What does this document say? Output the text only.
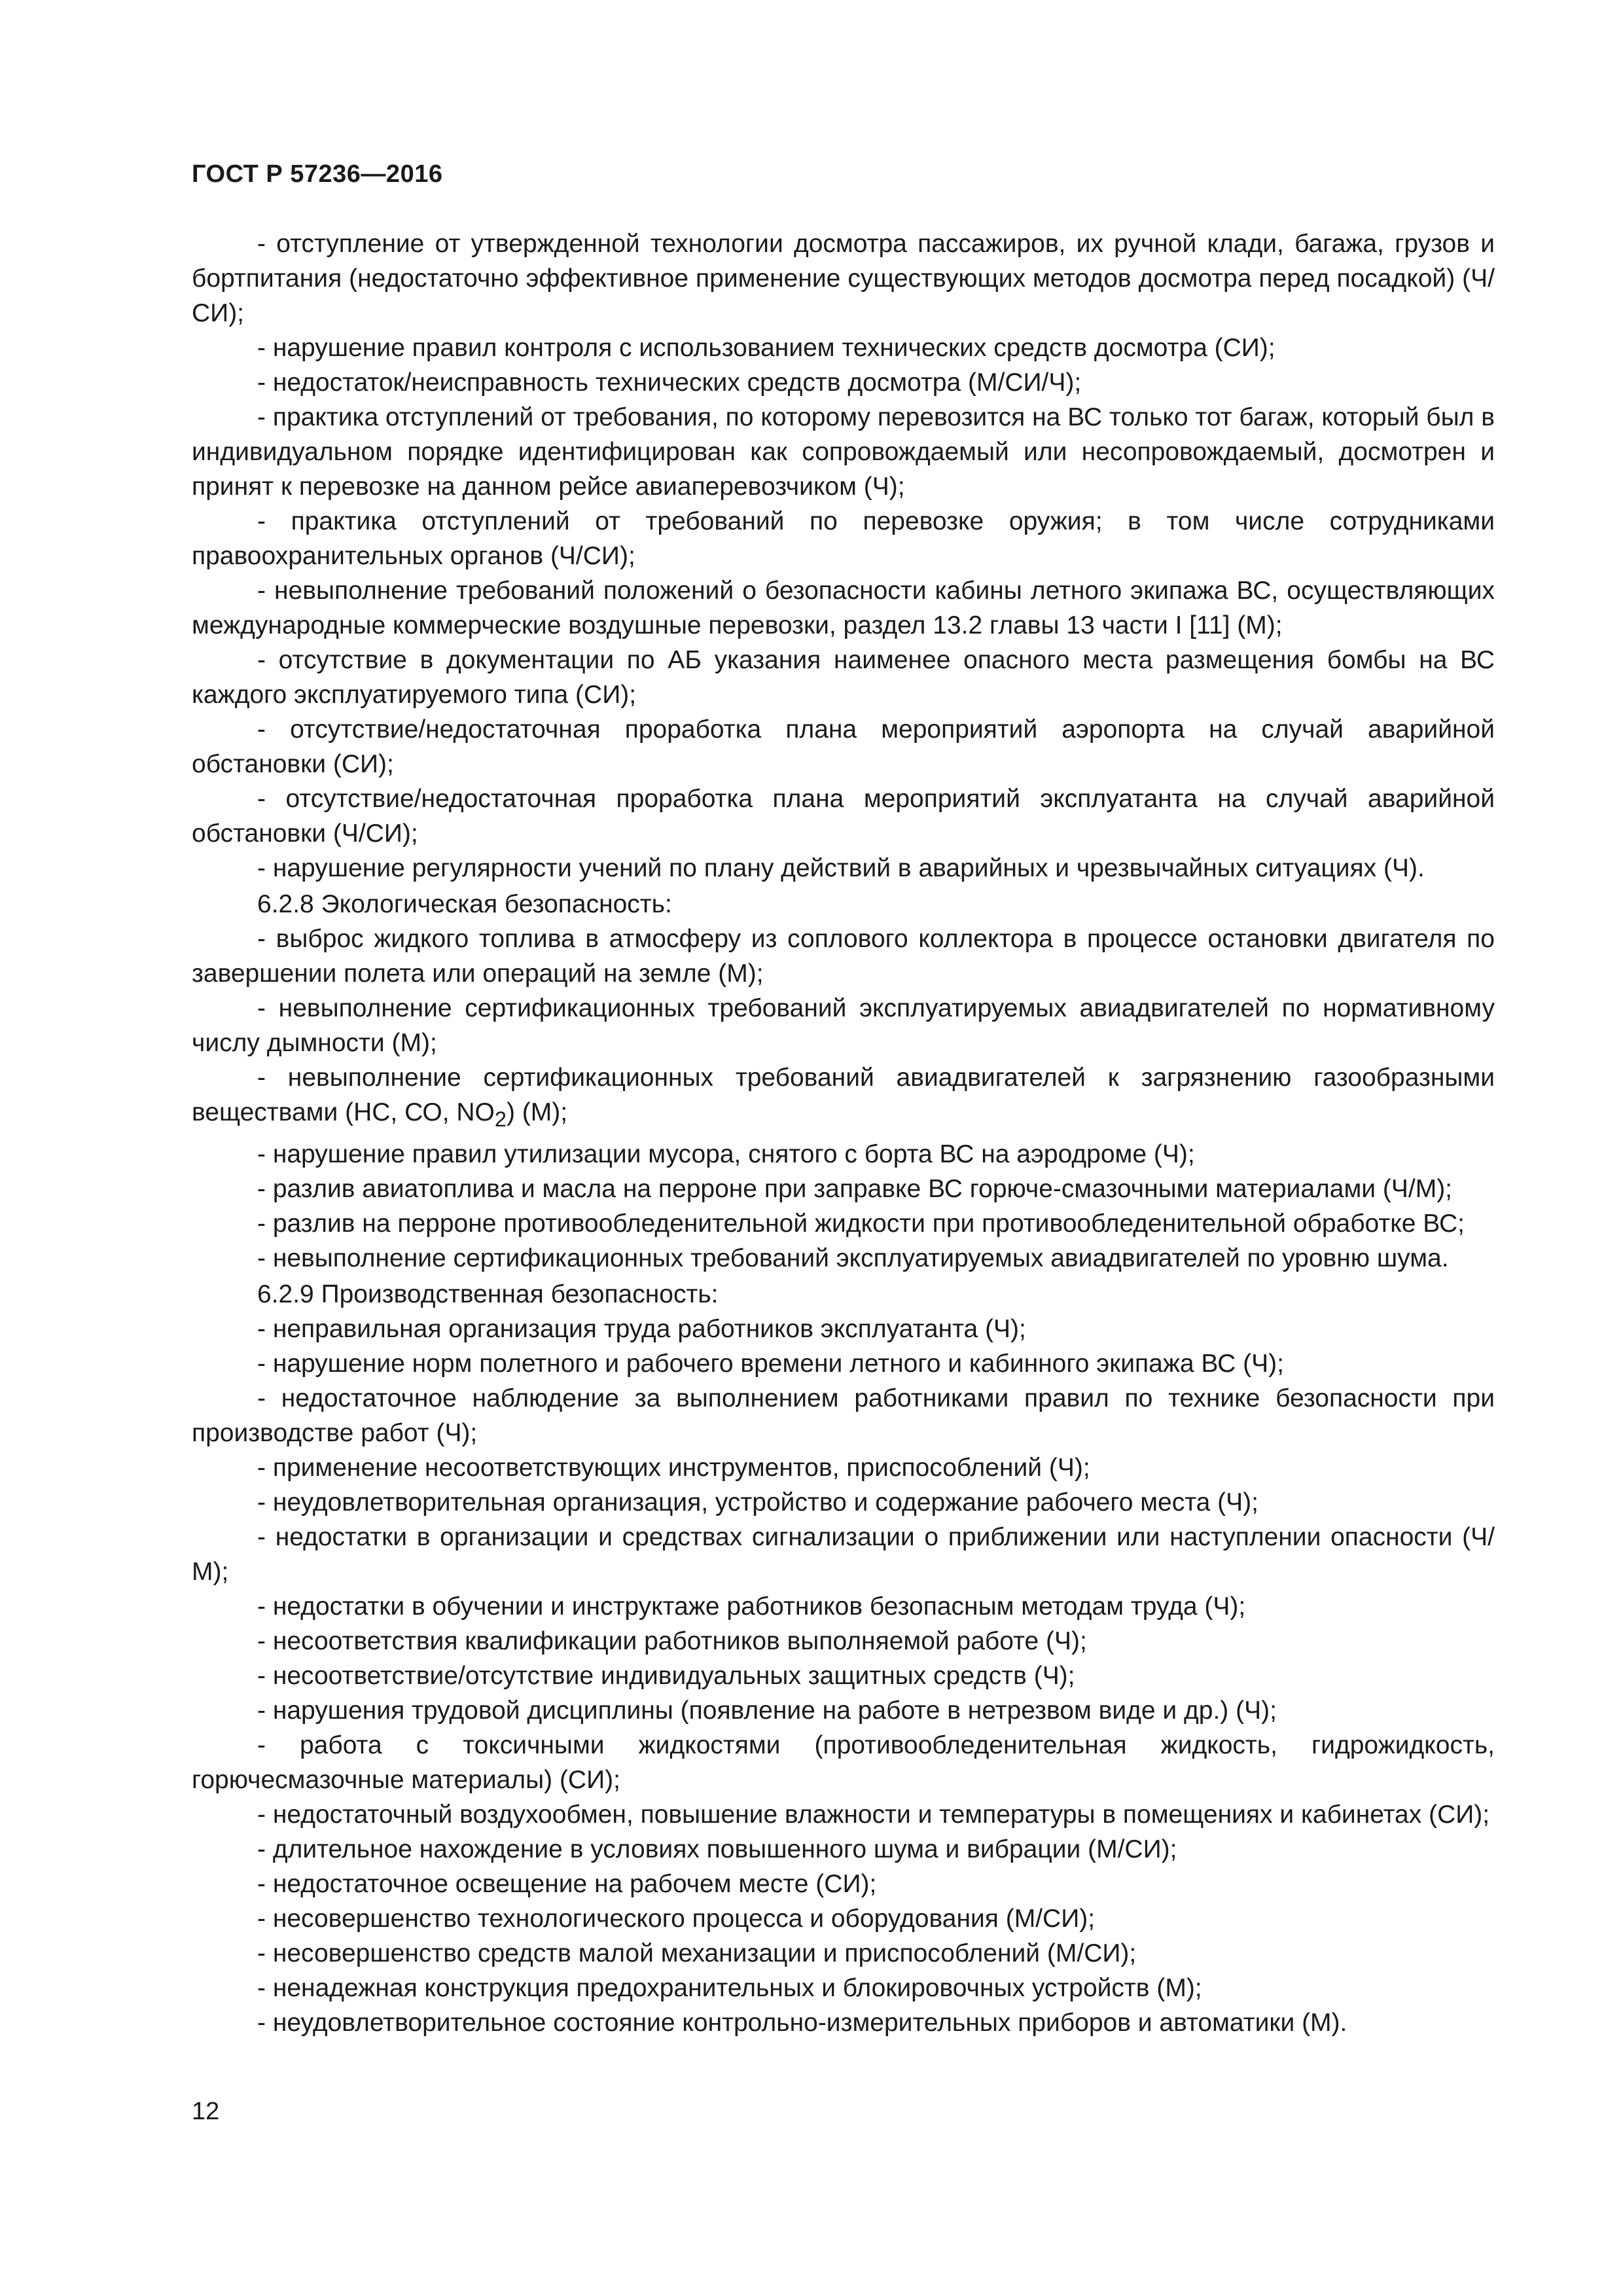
ГОСТ Р 57236—2016

- отступление от утвержденной технологии досмотра пассажиров, их ручной клади, багажа, грузов и бортпитания (недостаточно эффективное применение существующих методов досмотра перед посадкой) (Ч/СИ);

- нарушение правил контроля с использованием технических средств досмотра (СИ);

- недостаток/неисправность технических средств досмотра (М/СИ/Ч);

- практика отступлений от требования, по которому перевозится на ВС только тот багаж, который был в индивидуальном порядке идентифицирован как сопровождаемый или несопровождаемый, досмотрен и принят к перевозке на данном рейсе авиаперевозчиком (Ч);

- практика отступлений от требований по перевозке оружия; в том числе сотрудниками правоохранительных органов (Ч/СИ);

- невыполнение требований положений о безопасности кабины летного экипажа ВС, осуществляющих международные коммерческие воздушные перевозки, раздел 13.2 главы 13 части I [11] (М);

- отсутствие в документации по АБ указания наименее опасного места размещения бомбы на ВС каждого эксплуатируемого типа (СИ);

- отсутствие/недостаточная проработка плана мероприятий аэропорта на случай аварийной обстановки (СИ);

- отсутствие/недостаточная проработка плана мероприятий эксплуатанта на случай аварийной обстановки (Ч/СИ);

- нарушение регулярности учений по плану действий в аварийных и чрезвычайных ситуациях (Ч).

6.2.8 Экологическая безопасность:

- выброс жидкого топлива в атмосферу из соплового коллектора в процессе остановки двигателя по завершении полета или операций на земле (М);

- невыполнение сертификационных требований эксплуатируемых авиадвигателей по нормативному числу дымности (М);

- невыполнение сертификационных требований авиадвигателей к загрязнению газообразными веществами (НС, СО, $NO_2$) (М);

- нарушение правил утилизации мусора, снятого с борта ВС на аэродроме (Ч);

- разлив авиатоплива и масла на перроне при заправке ВС горюче-смазочными материалами (Ч/М);

- разлив на перроне противообледенительной жидкости при противообледенительной обработке ВС;

- невыполнение сертификационных требований эксплуатируемых авиадвигателей по уровню шума.

6.2.9 Производственная безопасность:

- неправильная организация труда работников эксплуатанта (Ч);

- нарушение норм полетного и рабочего времени летного и кабинного экипажа ВС (Ч);

- недостаточное наблюдение за выполнением работниками правил по технике безопасности при производстве работ (Ч);

- применение несоответствующих инструментов, приспособлений (Ч);

- неудовлетворительная организация, устройство и содержание рабочего места (Ч);

- недостатки в организации и средствах сигнализации о приближении или наступлении опасности (Ч/М);

- недостатки в обучении и инструктаже работников безопасным методам труда (Ч);

- несоответствия квалификации работников выполняемой работе (Ч);

- несоответствие/отсутствие индивидуальных защитных средств (Ч);

- нарушения трудовой дисциплины (появление на работе в нетрезвом виде и др.) (Ч);

- работа с токсичными жидкостями (противообледенительная жидкость, гидрожидкость, горючесмазочные материалы) (СИ);

- недостаточный воздухообмен, повышение влажности и температуры в помещениях и кабинетах (СИ);

- длительное нахождение в условиях повышенного шума и вибрации (М/СИ);

- недостаточное освещение на рабочем месте (СИ);

- несовершенство технологического процесса и оборудования (М/СИ);

- несовершенство средств малой механизации и приспособлений (М/СИ);

- ненадежная конструкция предохранительных и блокировочных устройств (М);

- неудовлетворительное состояние контрольно-измерительных приборов и автоматики (М).

12
